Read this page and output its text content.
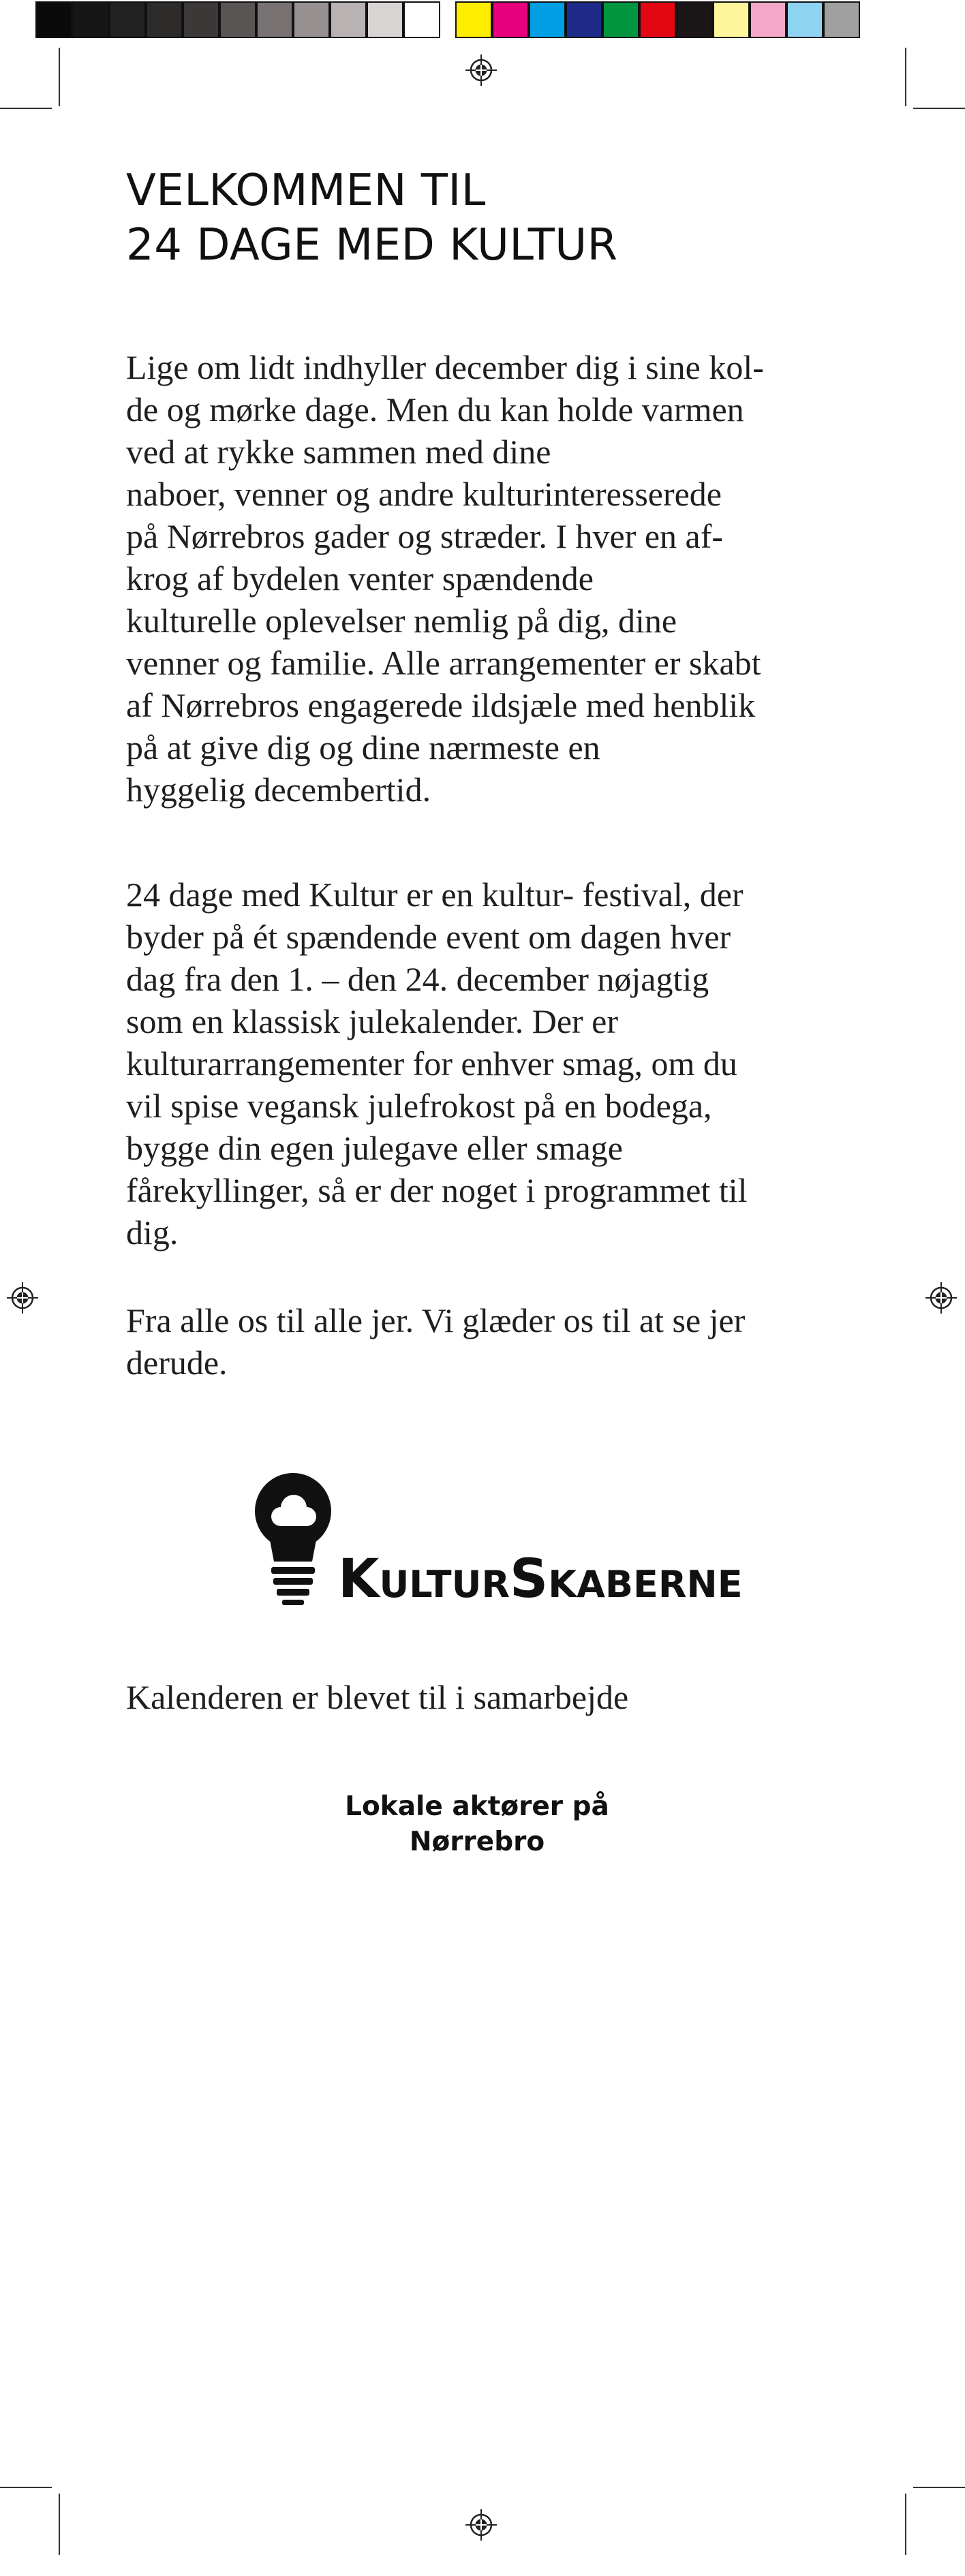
VELKOMMEN TIL
24 DAGE MED KULTUR
Lige om lidt indhyller december dig i sine kol-
de og mørke dage. Men du kan holde varmen
ved at rykke sammen med dine
naboer, venner og andre kulturinteresserede
på Nørrebros gader og stræder. I hver en af-
krog af bydelen venter spændende
kulturelle oplevelser nemlig på dig, dine
venner og familie. Alle arrangementer er skabt
af Nørrebros engagerede ildsjæle med henblik
på at give dig og dine nærmeste en
hyggelig decembertid.
24 dage med Kultur er en kultur- festival, der
byder på ét spændende event om dagen hver
dag fra den 1. – den 24. december nøjagtig
som en klassisk julekalender. Der er
kulturarrangementer for enhver smag, om du
vil spise vegansk julefrokost på en bodega,
bygge din egen julegave eller smage
fårekyllinger, så er der noget i programmet til
dig.
Fra alle os til alle jer. Vi glæder os til at se jer
derude.
KULTURSKABERNE
Kalenderen er blevet til i samarbejde
Lokale aktører på
Nørrebro
